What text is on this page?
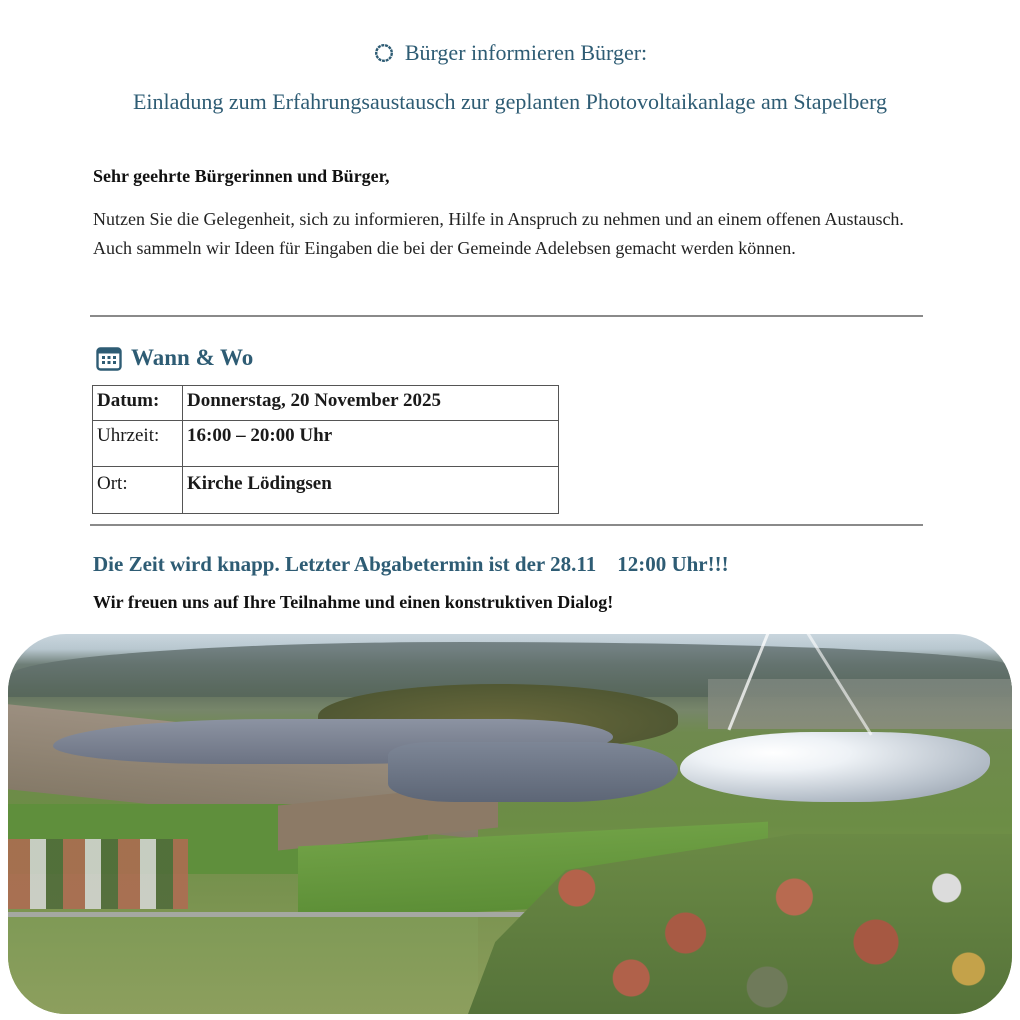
Bürger informieren Bürger:
Einladung zum Erfahrungsaustausch zur geplanten Photovoltaikanlage am Stapelberg
Sehr geehrte Bürgerinnen und Bürger,
Nutzen Sie die Gelegenheit, sich zu informieren, Hilfe in Anspruch zu nehmen und an einem offenen Austausch. Auch sammeln wir Ideen für Eingaben die bei der Gemeinde Adelebsen gemacht werden können.
Wann & Wo
Datum:	Donnerstag, 20 November 2025
Uhrzeit:	16:00 – 20:00 Uhr
Ort:	Kirche Lödingsen
Die Zeit wird knapp. Letzter Abgabetermin ist der 28.11    12:00 Uhr!!!
Wir freuen uns auf Ihre Teilnahme und einen konstruktiven Dialog!
